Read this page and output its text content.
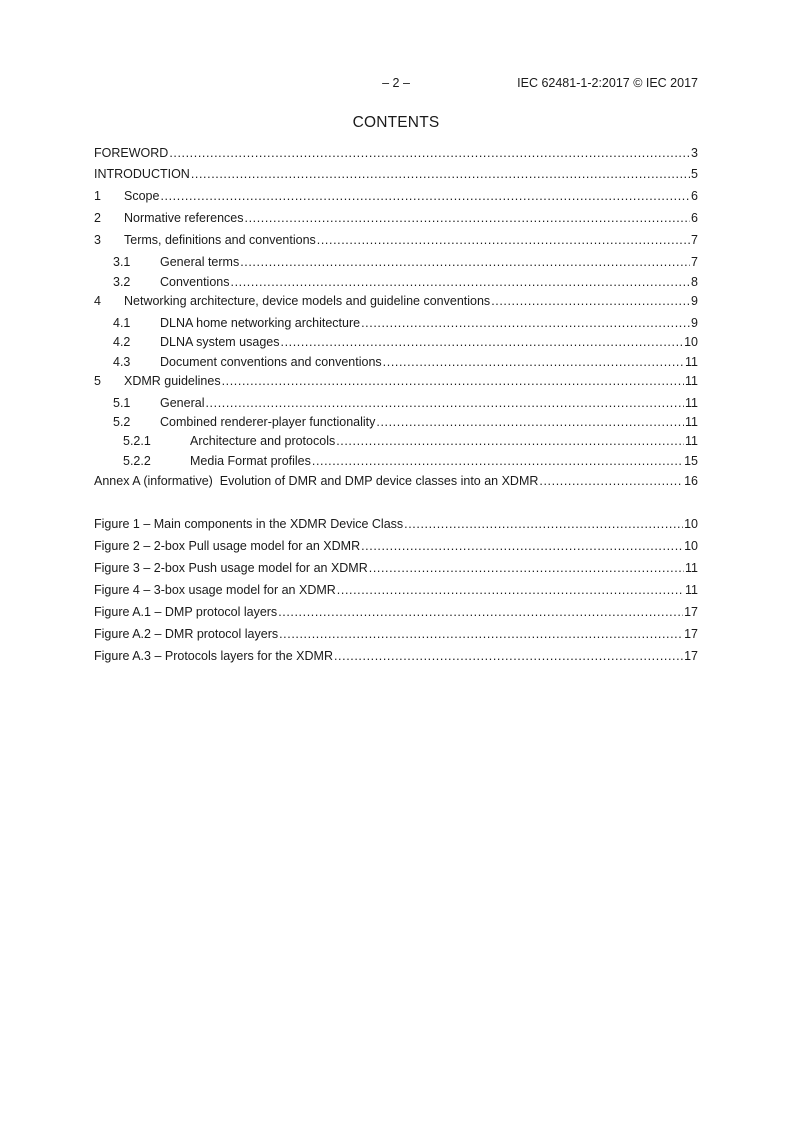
– 2 –	IEC 62481-1-2:2017 © IEC 2017
CONTENTS
FOREWORD .....	3
INTRODUCTION .....	5
1	Scope .....	6
2	Normative references .....	6
3	Terms, definitions and conventions .....	7
3.1	General terms .....	7
3.2	Conventions .....	8
4	Networking architecture, device models and guideline conventions .....	9
4.1	DLNA home networking architecture .....	9
4.2	DLNA system usages .....	10
4.3	Document conventions and conventions .....	11
5	XDMR guidelines .....	11
5.1	General .....	11
5.2	Combined renderer-player functionality .....	11
5.2.1	Architecture and protocols .....	11
5.2.2	Media Format profiles .....	15
Annex A (informative)  Evolution of DMR and DMP device classes into an XDMR .....	16
Figure 1 – Main components in the XDMR Device Class .....	10
Figure 2 – 2-box Pull usage model for an XDMR .....	10
Figure 3 – 2-box Push usage model for an XDMR .....	11
Figure 4 – 3-box usage model for an XDMR .....	11
Figure A.1 – DMP protocol layers .....	17
Figure A.2 – DMR protocol layers .....	17
Figure A.3 – Protocols layers for the XDMR .....	17
